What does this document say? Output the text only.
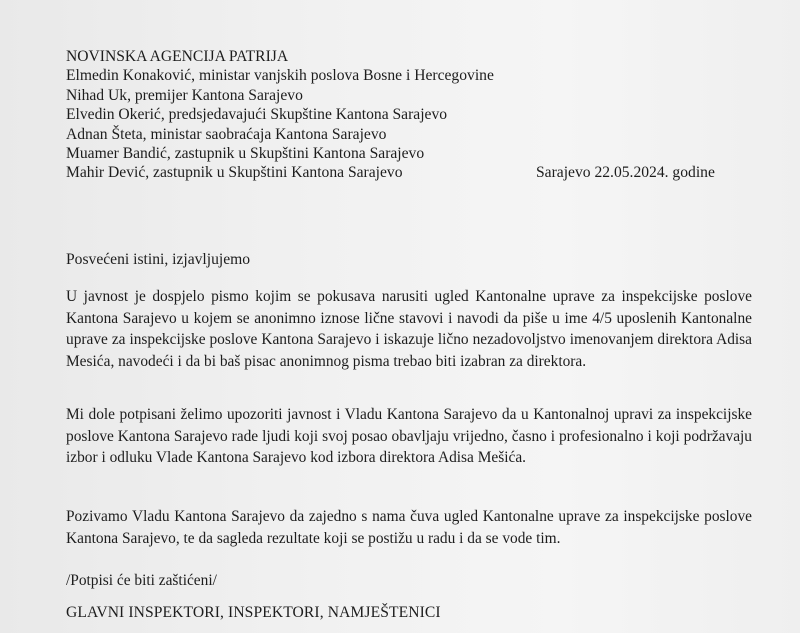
NOVINSKA AGENCIJA PATRIJA
Elmedin Konaković, ministar vanjskih poslova Bosne i Hercegovine
Nihad Uk, premijer Kantona Sarajevo
Elvedin Okerić, predsjedavajući Skupštine Kantona Sarajevo
Adnan Šteta, ministar saobraćaja Kantona Sarajevo
Muamer Bandić, zastupnik u Skupštini Kantona Sarajevo
Mahir Dević, zastupnik u Skupštini Kantona Sarajevo	Sarajevo 22.05.2024. godine
Posvećeni istini, izjavljujemo
U javnost je dospjelo pismo kojim se pokusava narusiti ugled Kantonalne uprave za inspekcijske poslove Kantona Sarajevo u kojem se anonimno iznose lične stavovi i navodi da piše u ime 4/5 uposlenih Kantonalne uprave za inspekcijske poslove Kantona Sarajevo i iskazuje lično nezadovoljstvo imenovanjem direktora Adisa Mesića, navodeći i da bi baš pisac anonimnog pisma trebao biti izabran za direktora.
Mi dole potpisani želimo upozoriti javnost i Vladu Kantona Sarajevo da u Kantonalnoj upravi za inspekcijske poslove Kantona Sarajevo rade ljudi koji svoj posao obavljaju vrijedno, časno i profesionalno i koji podržavaju izbor i odluku Vlade Kantona Sarajevo kod izbora direktora Adisa Mešića.
Pozivamo Vladu Kantona Sarajevo da zajedno s nama čuva ugled Kantonalne uprave za inspekcijske poslove Kantona Sarajevo, te da sagleda rezultate koji se postižu u radu i da se vode tim.
/Potpisi će biti zaštićeni/
GLAVNI INSPEKTORI, INSPEKTORI, NAMJEŠTENICI
